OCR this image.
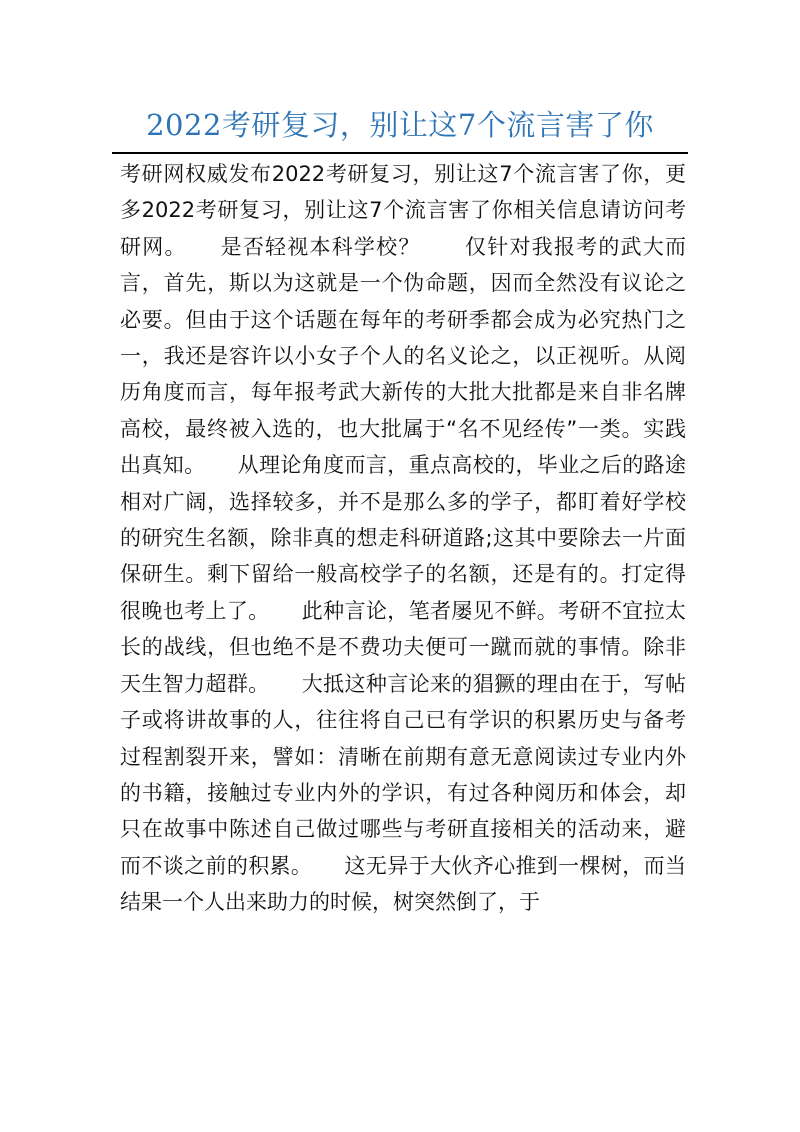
2022考研复习，别让这7个流言害了你

考研网权威发布2022考研复习，别让这7个流言害了你，更多2022考研复习，别让这7个流言害了你相关信息请访问考研网。　　是否轻视本科学校？　　仅针对我报考的武大而言，首先，斯以为这就是一个伪命题，因而全然没有议论之必要。但由于这个话题在每年的考研季都会成为必究热门之一，我还是容许以小女子个人的名义论之，以正视听。从阅历角度而言，每年报考武大新传的大批大批都是来自非名牌高校，最终被入选的，也大批属于“名不见经传”一类。实践出真知。　　从理论角度而言，重点高校的，毕业之后的路途相对广阔，选择较多，并不是那么多的学子，都盯着好学校的研究生名额，除非真的想走科研道路;这其中要除去一片面保研生。剩下留给一般高校学子的名额，还是有的。打定得很晚也考上了。　　此种言论，笔者屡见不鲜。考研不宜拉太长的战线，但也绝不是不费功夫便可一蹴而就的事情。除非天生智力超群。　　大抵这种言论来的猖獗的理由在于，写帖子或将讲故事的人，往往将自己已有学识的积累历史与备考过程割裂开来，譬如：清晰在前期有意无意阅读过专业内外的书籍，接触过专业内外的学识，有过各种阅历和体会，却只在故事中陈述自己做过哪些与考研直接相关的活动来，避而不谈之前的积累。　　这无异于大伙齐心推到一棵树，而当结果一个人出来助力的时候，树突然倒了，于
